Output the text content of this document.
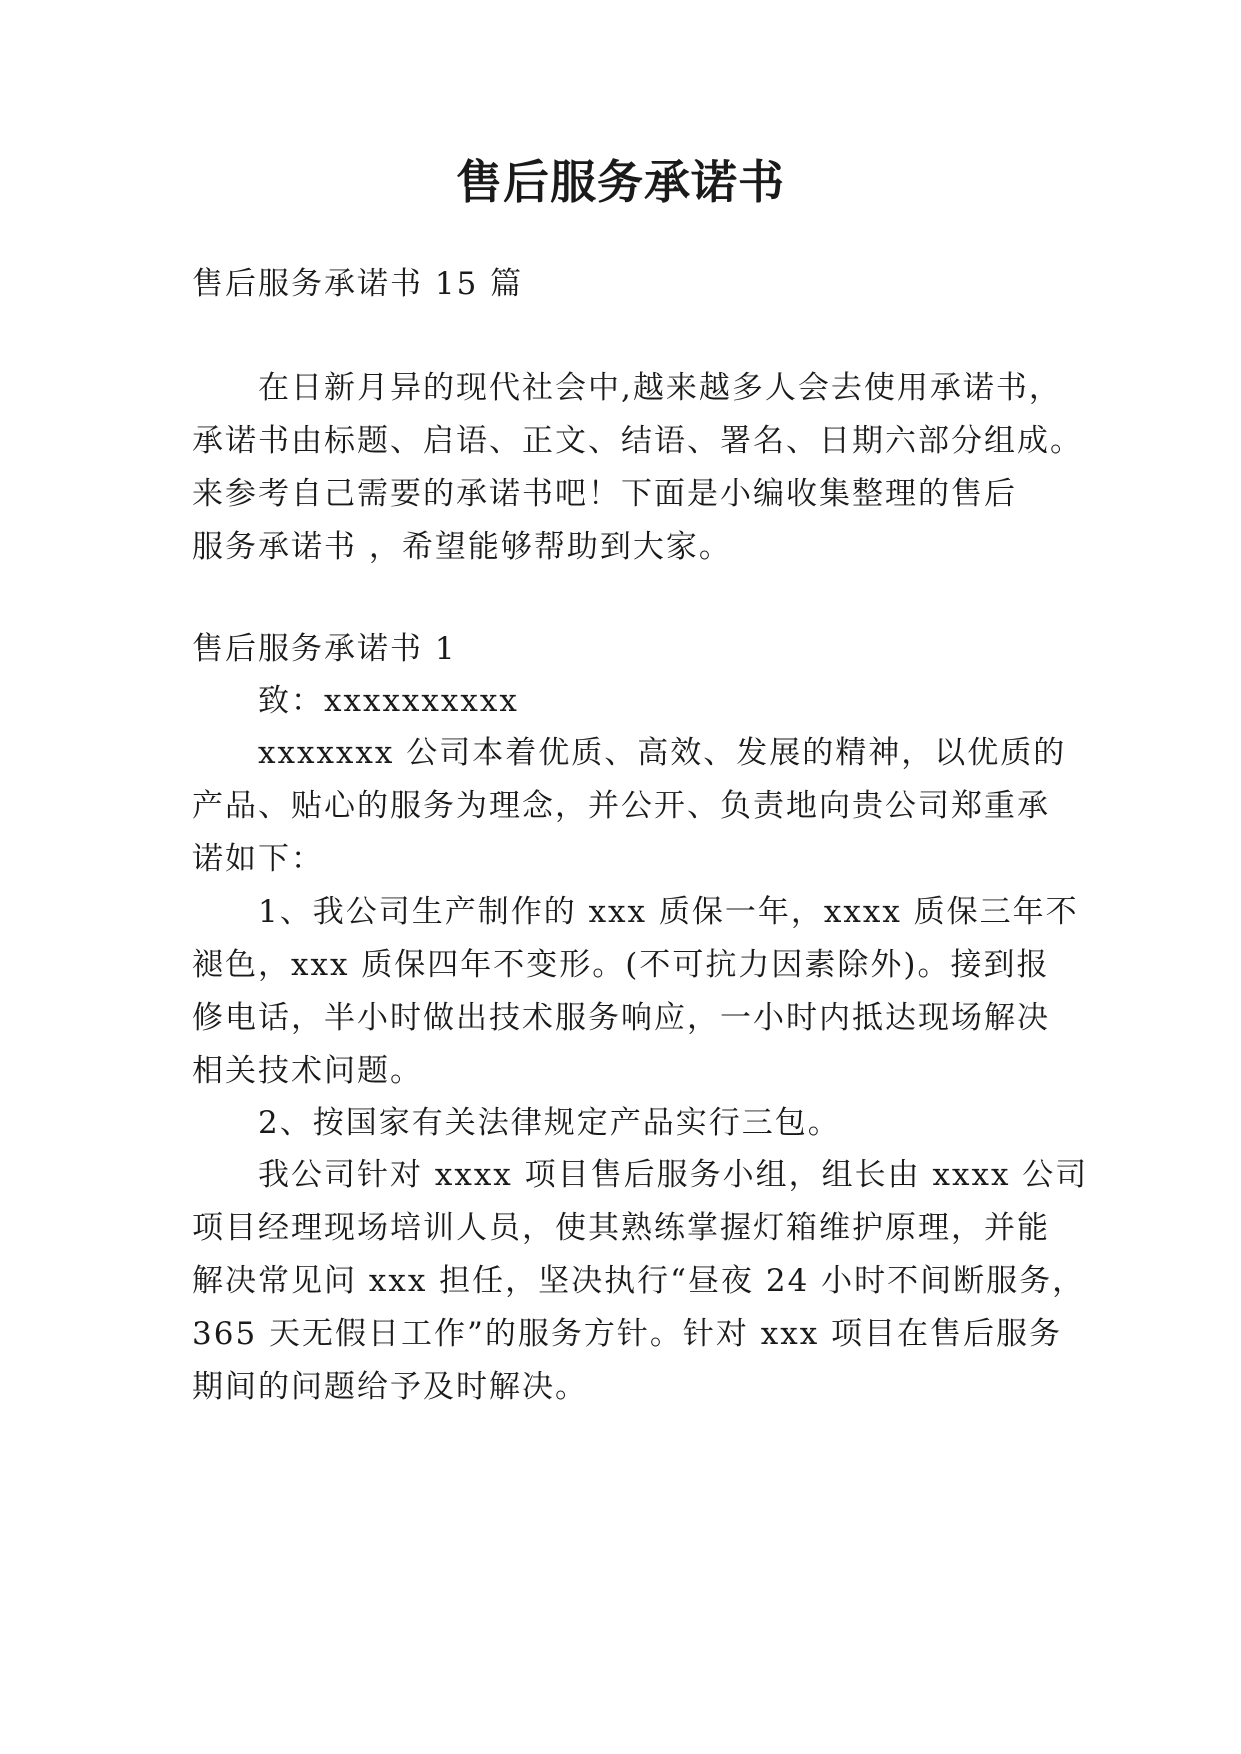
售后服务承诺书
售后服务承诺书 15 篇
在日新月异的现代社会中,越来越多人会去使用承诺书，
承诺书由标题、启语、正文、结语、署名、日期六部分组成。
来参考自己需要的承诺书吧！下面是小编收集整理的售后
服务承诺书 ，希望能够帮助到大家。
售后服务承诺书 1
致：xxxxxxxxxx
xxxxxxx 公司本着优质、高效、发展的精神，以优质的
产品、贴心的服务为理念，并公开、负责地向贵公司郑重承
诺如下：
1、我公司生产制作的 xxx 质保一年，xxxx 质保三年不
褪色，xxx 质保四年不变形。(不可抗力因素除外)。接到报
修电话，半小时做出技术服务响应，一小时内抵达现场解决
相关技术问题。
2、按国家有关法律规定产品实行三包。
我公司针对 xxxx 项目售后服务小组，组长由 xxxx 公司
项目经理现场培训人员，使其熟练掌握灯箱维护原理，并能
解决常见问 xxx 担任，坚决执行“昼夜 24 小时不间断服务，
365 天无假日工作”的服务方针。针对 xxx 项目在售后服务
期间的问题给予及时解决。
